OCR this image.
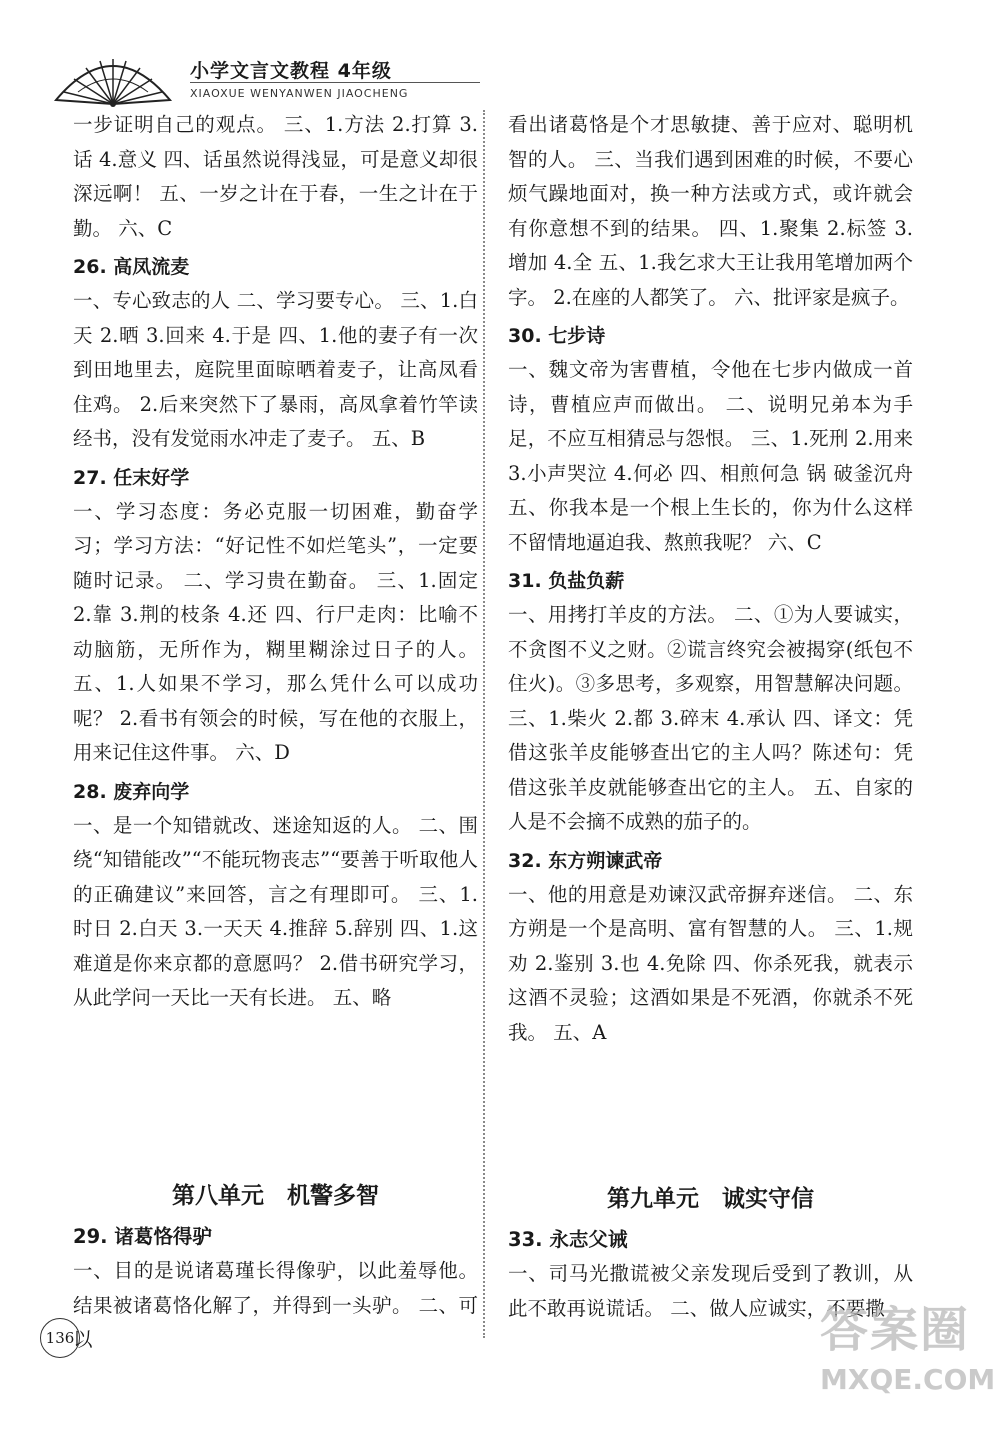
小学文言文教程 4年级
XIAOXUE WENYANWEN JIAOCHENG

一步证明自己的观点。 三、1.方法 2.打算 3.话 4.意义 四、话虽然说得浅显，可是意义却很深远啊！ 五、一岁之计在于春，一生之计在于勤。 六、C

26. 高凤流麦

一、专心致志的人 二、学习要专心。 三、1.白天 2.晒 3.回来 4.于是 四、1.他的妻子有一次到田地里去，庭院里面晾晒着麦子，让高凤看住鸡。 2.后来突然下了暴雨，高凤拿着竹竿读经书，没有发觉雨水冲走了麦子。 五、B

27. 任末好学

一、学习态度：务必克服一切困难，勤奋学习；学习方法：“好记性不如烂笔头”，一定要随时记录。 二、学习贵在勤奋。 三、1.固定 2.靠 3.荆的枝条 4.还 四、行尸走肉：比喻不动脑筋，无所作为，糊里糊涂过日子的人。 五、1.人如果不学习，那么凭什么可以成功呢？ 2.看书有领会的时候，写在他的衣服上，用来记住这件事。 六、D

28. 废弃向学

一、是一个知错就改、迷途知返的人。 二、围绕“知错能改”“不能玩物丧志”“要善于听取他人的正确建议”来回答，言之有理即可。 三、1.时日 2.白天 3.一天天 4.推辞 5.辞别 四、1.这难道是你来京都的意愿吗？ 2.借书研究学习，从此学问一天比一天有长进。 五、略

第八单元　机警多智
29. 诸葛恪得驴

一、目的是说诸葛瑾长得像驴，以此羞辱他。结果被诸葛恪化解了，并得到一头驴。 二、可以

看出诸葛恪是个才思敏捷、善于应对、聪明机智的人。 三、当我们遇到困难的时候，不要心烦气躁地面对，换一种方法或方式，或许就会有你意想不到的结果。 四、1.聚集 2.标签 3.增加 4.全 五、1.我乞求大王让我用笔增加两个字。 2.在座的人都笑了。 六、批评家是疯子。

30. 七步诗

一、魏文帝为害曹植，令他在七步内做成一首诗，曹植应声而做出。 二、说明兄弟本为手足，不应互相猜忌与怨恨。 三、1.死刑 2.用来 3.小声哭泣 4.何必 四、相煎何急 锅 破釜沉舟 五、你我本是一个根上生长的，你为什么这样不留情地逼迫我、熬煎我呢？ 六、C

31. 负盐负薪

一、用拷打羊皮的方法。 二、①为人要诚实，不贪图不义之财。②谎言终究会被揭穿(纸包不住火)。③多思考，多观察，用智慧解决问题。 三、1.柴火 2.都 3.碎末 4.承认 四、译文：凭借这张羊皮能够查出它的主人吗？陈述句：凭借这张羊皮就能够查出它的主人。 五、自家的人是不会摘不成熟的茄子的。

32. 东方朔谏武帝

一、他的用意是劝谏汉武帝摒弃迷信。 二、东方朔是一个是高明、富有智慧的人。 三、1.规劝 2.鉴别 3.也 4.免除 四、你杀死我，就表示这酒不灵验；这酒如果是不死酒，你就杀不死我。 五、A

第九单元　诚实守信
33. 永志父诫

一、司马光撒谎被父亲发现后受到了教训，从此不敢再说谎话。 二、做人应诚实，不要撒

136	答案圈
MXQE.COM
